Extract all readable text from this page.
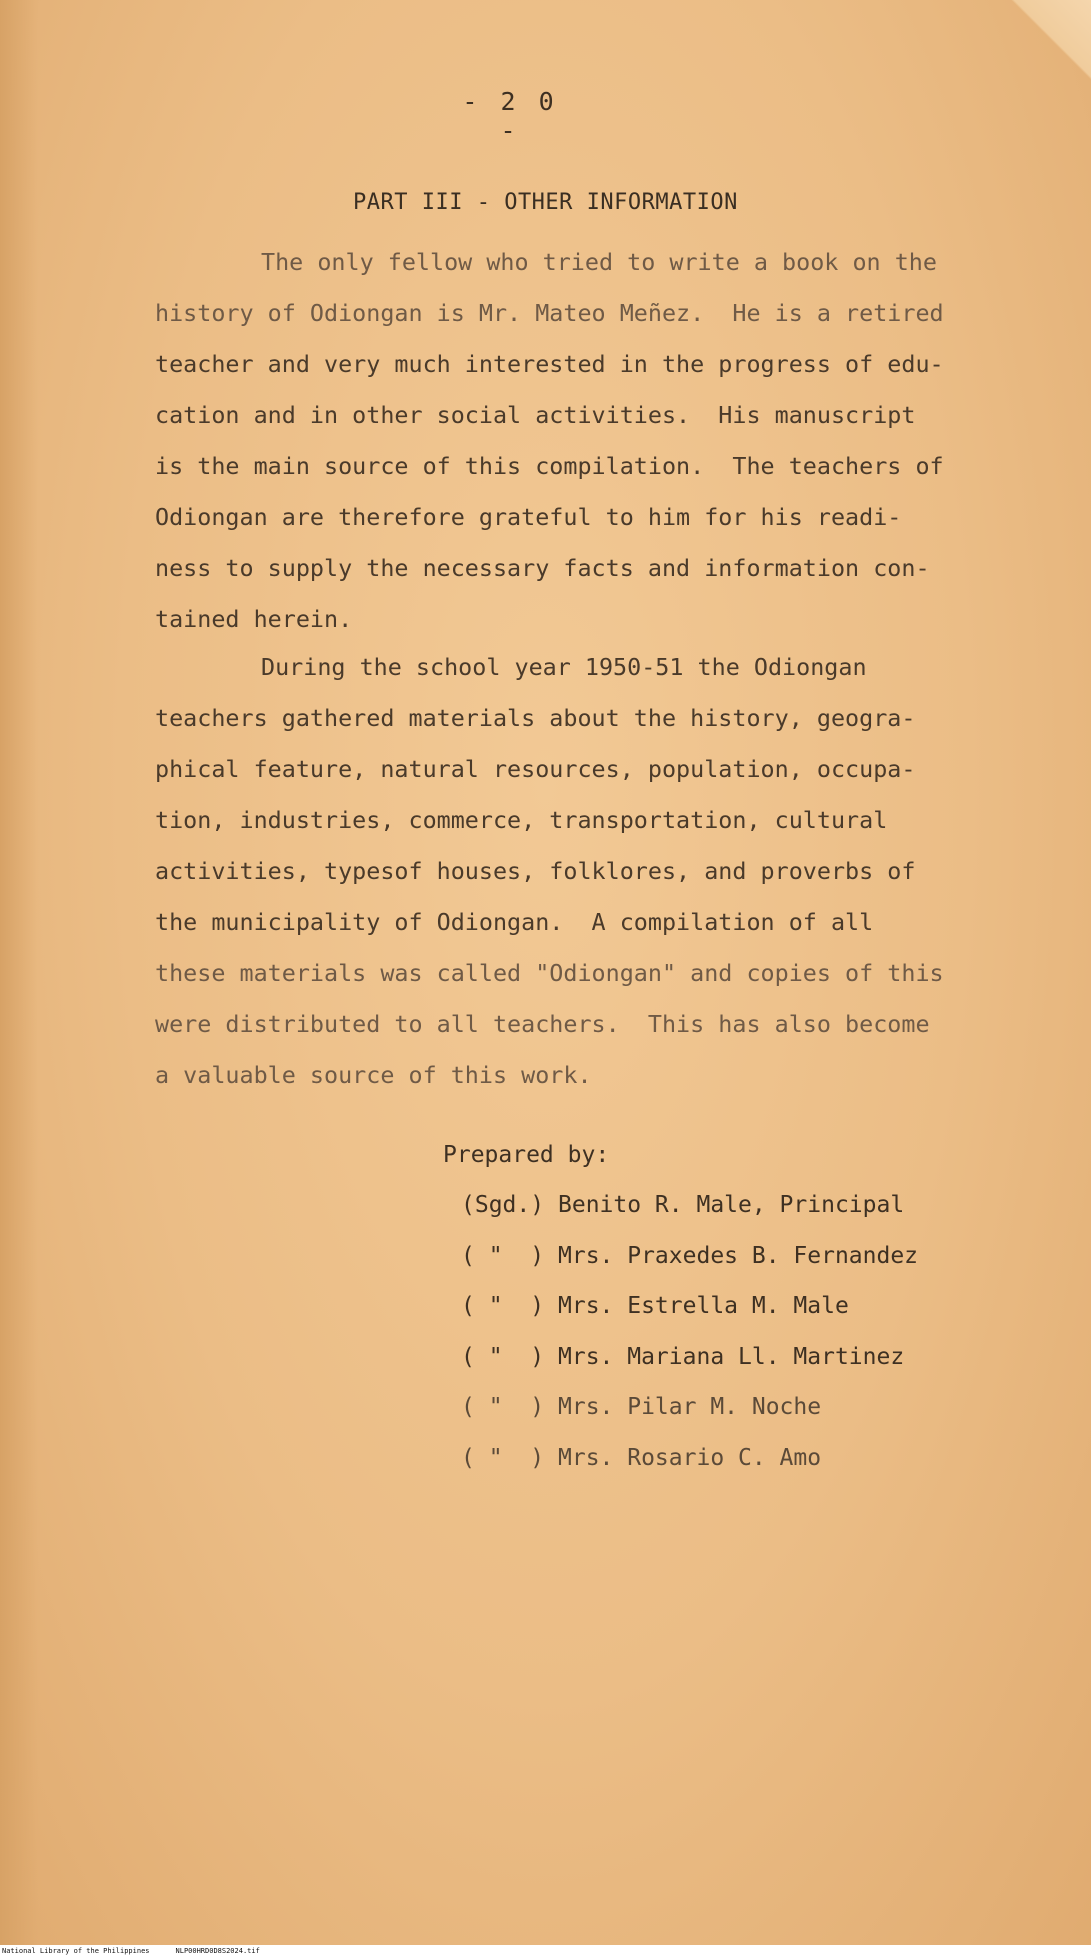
- 2 0 -
PART III - OTHER INFORMATION
The only fellow who tried to write a book on the
history of Odiongan is Mr. Mateo Meñez.  He is a retired
teacher and very much interested in the progress of edu-
cation and in other social activities.  His manuscript
is the main source of this compilation.  The teachers of
Odiongan are therefore grateful to him for his readi-
ness to supply the necessary facts and information con-
tained herein.
During the school year 1950-51 the Odiongan
teachers gathered materials about the history, geogra-
phical feature, natural resources, population, occupa-
tion, industries, commerce, transportation, cultural
activities, typesof houses, folklores, and proverbs of
the municipality of Odiongan.  A compilation of all
these materials was called "Odiongan" and copies of this
were distributed to all teachers.  This has also become
a valuable source of this work.
Prepared by:
(Sgd.) Benito R. Male, Principal
( "  ) Mrs. Praxedes B. Fernandez
( "  ) Mrs. Estrella M. Male
( "  ) Mrs. Mariana Ll. Martinez
( "  ) Mrs. Pilar M. Noche
( "  ) Mrs. Rosario C. Amo
National Library of the Philippines	NLP00HRD0D8S2024.tif
